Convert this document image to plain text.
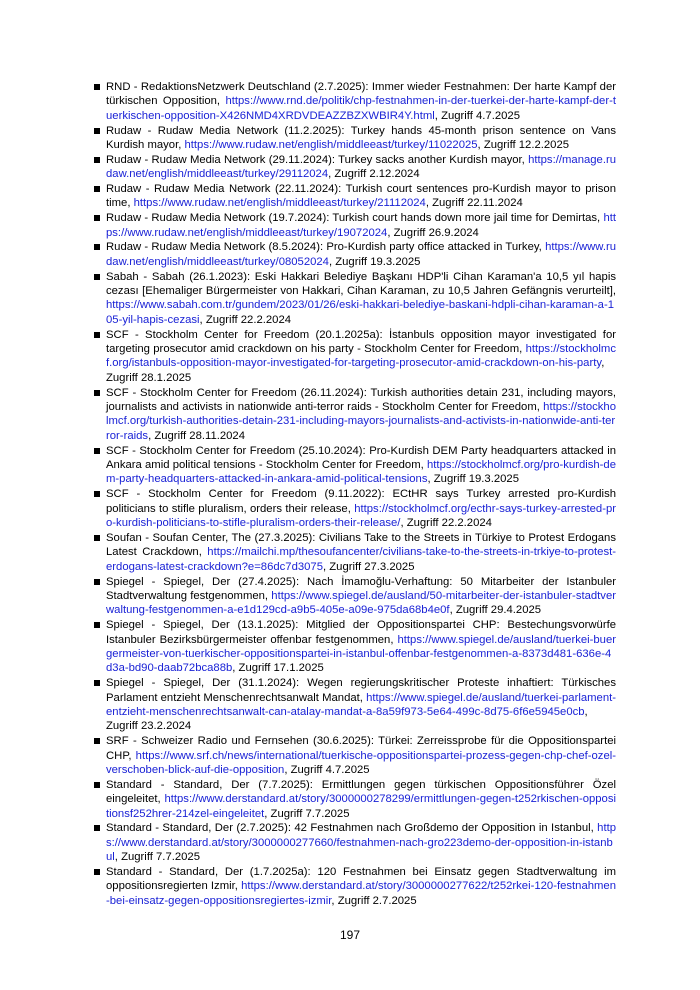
RND - RedaktionsNetzwerk Deutschland (2.7.2025): Immer wieder Festnahmen: Der harte Kampf der türkischen Opposition, https://www.rnd.de/politik/chp-festnahmen-in-der-tuerkei-der-harte-kampf-der-tuerkischen-opposition-X426NMD4XRDVDEAZZBZXWBIR4Y.html, Zugriff 4.7.2025
Rudaw - Rudaw Media Network (11.2.2025): Turkey hands 45-month prison sentence on Vans Kurdish mayor, https://www.rudaw.net/english/middleeast/turkey/11022025, Zugriff 12.2.2025
Rudaw - Rudaw Media Network (29.11.2024): Turkey sacks another Kurdish mayor, https://manage.rudaw.net/english/middleeast/turkey/29112024, Zugriff 2.12.2024
Rudaw - Rudaw Media Network (22.11.2024): Turkish court sentences pro-Kurdish mayor to prison time, https://www.rudaw.net/english/middleeast/turkey/21112024, Zugriff 22.11.2024
Rudaw - Rudaw Media Network (19.7.2024): Turkish court hands down more jail time for Demirtas, https://www.rudaw.net/english/middleeast/turkey/19072024, Zugriff 26.9.2024
Rudaw - Rudaw Media Network (8.5.2024): Pro-Kurdish party office attacked in Turkey, https://www.rudaw.net/english/middleeast/turkey/08052024, Zugriff 19.3.2025
Sabah - Sabah (26.1.2023): Eski Hakkari Belediye Başkanı HDP'li Cihan Karaman'a 10,5 yıl hapis cezası [Ehemaliger Bürgermeister von Hakkari, Cihan Karaman, zu 10,5 Jahren Gefängnis verurteilt], https://www.sabah.com.tr/gundem/2023/01/26/eski-hakkari-belediye-baskani-hdpli-cihan-karaman-a-105-yil-hapis-cezasi, Zugriff 22.2.2024
SCF - Stockholm Center for Freedom (20.1.2025a): İstanbuls opposition mayor investigated for targeting prosecutor amid crackdown on his party - Stockholm Center for Freedom, https://stockholmcf.org/istanbuls-opposition-mayor-investigated-for-targeting-prosecutor-amid-crackdown-on-his-party, Zugriff 28.1.2025
SCF - Stockholm Center for Freedom (26.11.2024): Turkish authorities detain 231, including mayors, journalists and activists in nationwide anti-terror raids - Stockholm Center for Freedom, https://stockholmcf.org/turkish-authorities-detain-231-including-mayors-journalists-and-activists-in-nationwide-anti-terror-raids, Zugriff 28.11.2024
SCF - Stockholm Center for Freedom (25.10.2024): Pro-Kurdish DEM Party headquarters attacked in Ankara amid political tensions - Stockholm Center for Freedom, https://stockholmcf.org/pro-kurdish-dem-party-headquarters-attacked-in-ankara-amid-political-tensions, Zugriff 19.3.2025
SCF - Stockholm Center for Freedom (9.11.2022): ECtHR says Turkey arrested pro-Kurdish politicians to stifle pluralism, orders their release, https://stockholmcf.org/ecthr-says-turkey-arrested-pro-kurdish-politicians-to-stifle-pluralism-orders-their-release/, Zugriff 22.2.2024
Soufan - Soufan Center, The (27.3.2025): Civilians Take to the Streets in Türkiye to Protest Erdogans Latest Crackdown, https://mailchi.mp/thesoufancenter/civilians-take-to-the-streets-in-trkiye-to-protest-erdogans-latest-crackdown?e=86dc7d3075, Zugriff 27.3.2025
Spiegel - Spiegel, Der (27.4.2025): Nach İmamoğlu-Verhaftung: 50 Mitarbeiter der Istanbuler Stadtverwaltung festgenommen, https://www.spiegel.de/ausland/50-mitarbeiter-der-istanbuler-stadtverwaltung-festgenommen-a-e1d129cd-a9b5-405e-a09e-975da68b4e0f, Zugriff 29.4.2025
Spiegel - Spiegel, Der (13.1.2025): Mitglied der Oppositionspartei CHP: Bestechungsvorwürfe Istanbuler Bezirksbürgermeister offenbar festgenommen, https://www.spiegel.de/ausland/tuerkei-buergermeister-von-tuerkischer-oppositionspartei-in-istanbul-offenbar-festgenommen-a-8373d481-636e-4d3a-bd90-daab72bca88b, Zugriff 17.1.2025
Spiegel - Spiegel, Der (31.1.2024): Wegen regierungskritischer Proteste inhaftiert: Türkisches Parlament entzieht Menschenrechtsanwalt Mandat, https://www.spiegel.de/ausland/tuerkei-parlament-entzieht-menschenrechtsanwalt-can-atalay-mandat-a-8a59f973-5e64-499c-8d75-6f6e5945e0cb, Zugriff 23.2.2024
SRF - Schweizer Radio und Fernsehen (30.6.2025): Türkei: Zerreissprobe für die Oppositionspartei CHP, https://www.srf.ch/news/international/tuerkische-oppositionspartei-prozess-gegen-chp-chef-ozel-verschoben-blick-auf-die-opposition, Zugriff 4.7.2025
Standard - Standard, Der (7.7.2025): Ermittlungen gegen türkischen Oppositionsführer Özel eingeleitet, https://www.derstandard.at/story/3000000278299/ermittlungen-gegen-t252rkischen-oppositionsf252hrer-214zel-eingeleitet, Zugriff 7.7.2025
Standard - Standard, Der (2.7.2025): 42 Festnahmen nach Großdemo der Opposition in Istanbul, https://www.derstandard.at/story/3000000277660/festnahmen-nach-gro223demo-der-opposition-in-istanbul, Zugriff 7.7.2025
Standard - Standard, Der (1.7.2025a): 120 Festnahmen bei Einsatz gegen Stadtverwaltung im oppositionsregierten Izmir, https://www.derstandard.at/story/3000000277622/t252rkei-120-festnahmen-bei-einsatz-gegen-oppositionsregiertes-izmir, Zugriff 2.7.2025
197
